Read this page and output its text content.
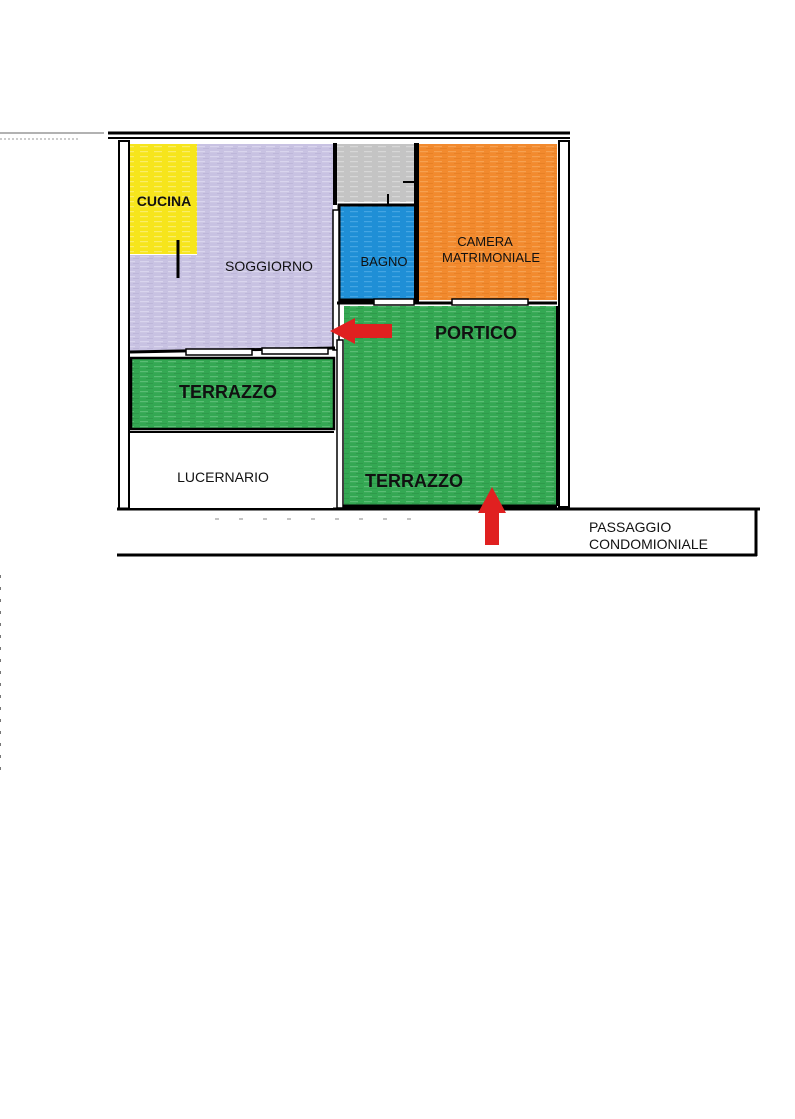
CUCINA
SOGGIORNO	BAGNO
CAMERA
MATRIMONIALE
PORTICO
TERRAZZO
TERRAZZO
LUCERNARIO
PASSAGGIO
CONDOMIONIALE
